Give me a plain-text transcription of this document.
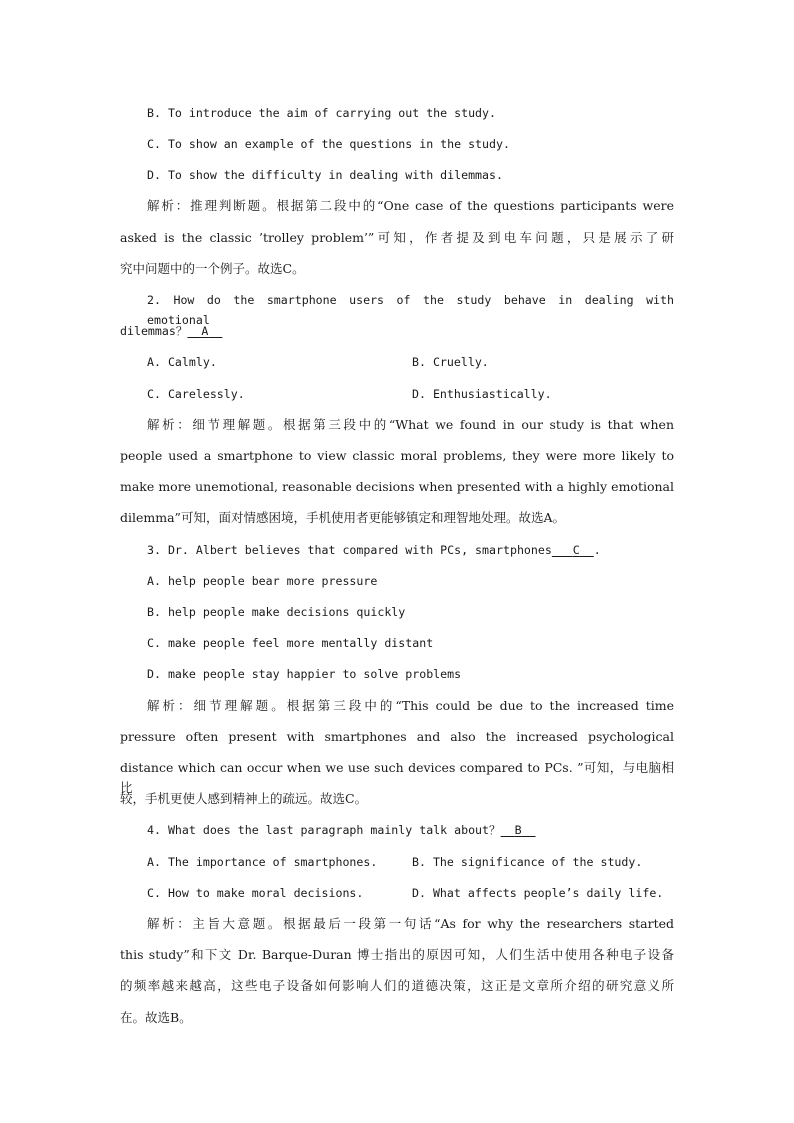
B. To introduce the aim of carrying out the study.
C. To show an example of the questions in the study.
D. To show the difficulty in dealing with dilemmas.
解析：推理判断题。根据第二段中的“One case of the questions participants were
asked is the classic ’trolley problem’”可知，作者提及到电车问题，只是展示了研
究中问题中的一个例子。故选C。
2. How do the smartphone users of the study behave in dealing with emotional
dilemmas？ A
A. Calmly.	B. Cruelly.
C. Carelessly.	D. Enthusiastically.
解析：细节理解题。根据第三段中的“What we found in our study is that when
people used a smartphone to view classic moral problems, they were more likely to
make more unemotional, reasonable decisions when presented with a highly emotional
dilemma”可知，面对情感困境，手机使用者更能够镇定和理智地处理。故选A。
3. Dr. Albert believes that compared with PCs, smartphones C .
A. help people bear more pressure
B. help people make decisions quickly
C. make people feel more mentally distant
D. make people stay happier to solve problems
解析：细节理解题。根据第三段中的“This could be due to the increased time
pressure often present with smartphones and also the increased psychological
distance which can occur when we use such devices compared to PCs. ”可知，与电脑相比
较，手机更使人感到精神上的疏远。故选C。
4. What does the last paragraph mainly talk about？ B
A. The importance of smartphones.	B. The significance of the study.
C. How to make moral decisions.	D. What affects people’s daily life.
解析：主旨大意题。根据最后一段第一句话“As for why the researchers started
this study”和下文 Dr. Barque-Duran 博士指出的原因可知，人们生活中使用各种电子设备
的频率越来越高，这些电子设备如何影响人们的道德决策，这正是文章所介绍的研究意义所
在。故选B。
